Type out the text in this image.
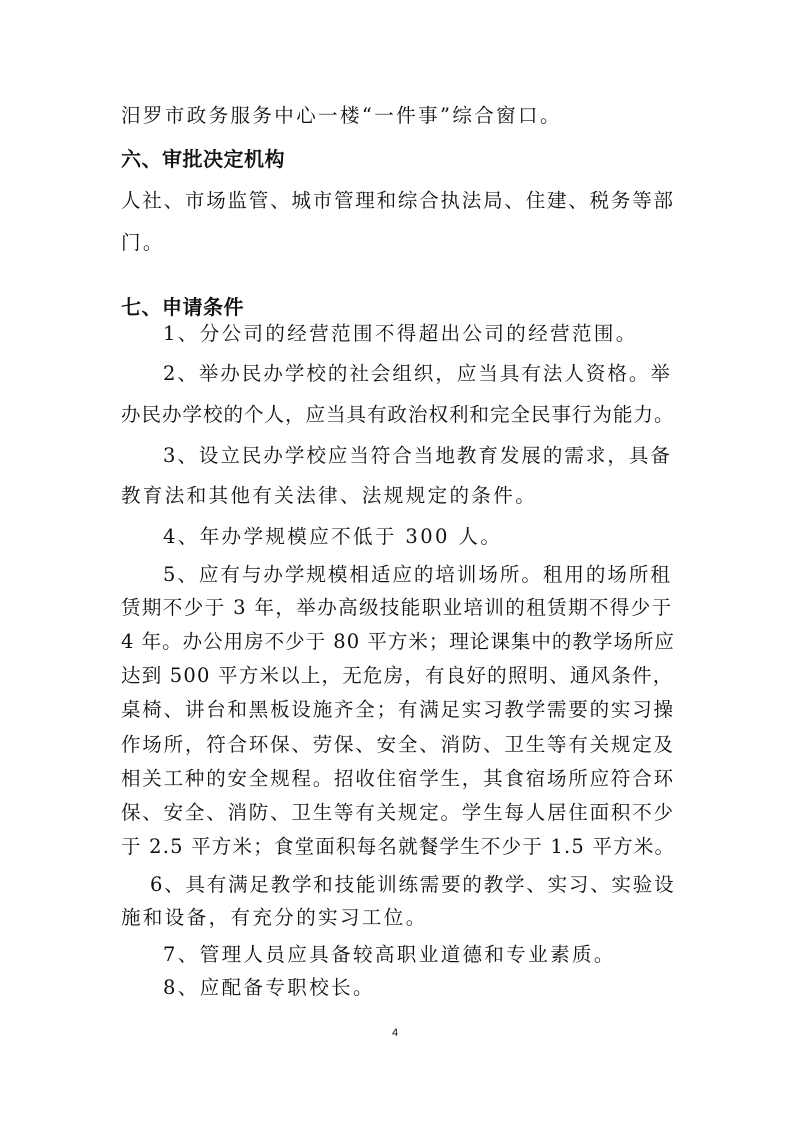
汨罗市政务服务中心一楼“一件事”综合窗口。
六、审批决定机构
人社、市场监管、城市管理和综合执法局、住建、税务等部
门。
七、申请条件
1、分公司的经营范围不得超出公司的经营范围。
2、举办民办学校的社会组织，应当具有法人资格。举
办民办学校的个人，应当具有政治权利和完全民事行为能力。
3、设立民办学校应当符合当地教育发展的需求，具备
教育法和其他有关法律、法规规定的条件。
4、年办学规模应不低于 300 人。
5、应有与办学规模相适应的培训场所。租用的场所租
赁期不少于 3 年，举办高级技能职业培训的租赁期不得少于
4 年。办公用房不少于 80 平方米；理论课集中的教学场所应
达到 500 平方米以上，无危房，有良好的照明、通风条件，
桌椅、讲台和黑板设施齐全；有满足实习教学需要的实习操
作场所，符合环保、劳保、安全、消防、卫生等有关规定及
相关工种的安全规程。招收住宿学生，其食宿场所应符合环
保、安全、消防、卫生等有关规定。学生每人居住面积不少
于 2.5 平方米；食堂面积每名就餐学生不少于 1.5 平方米。
6、具有满足教学和技能训练需要的教学、实习、实验设
施和设备，有充分的实习工位。
7、管理人员应具备较高职业道德和专业素质。
8、应配备专职校长。
4
